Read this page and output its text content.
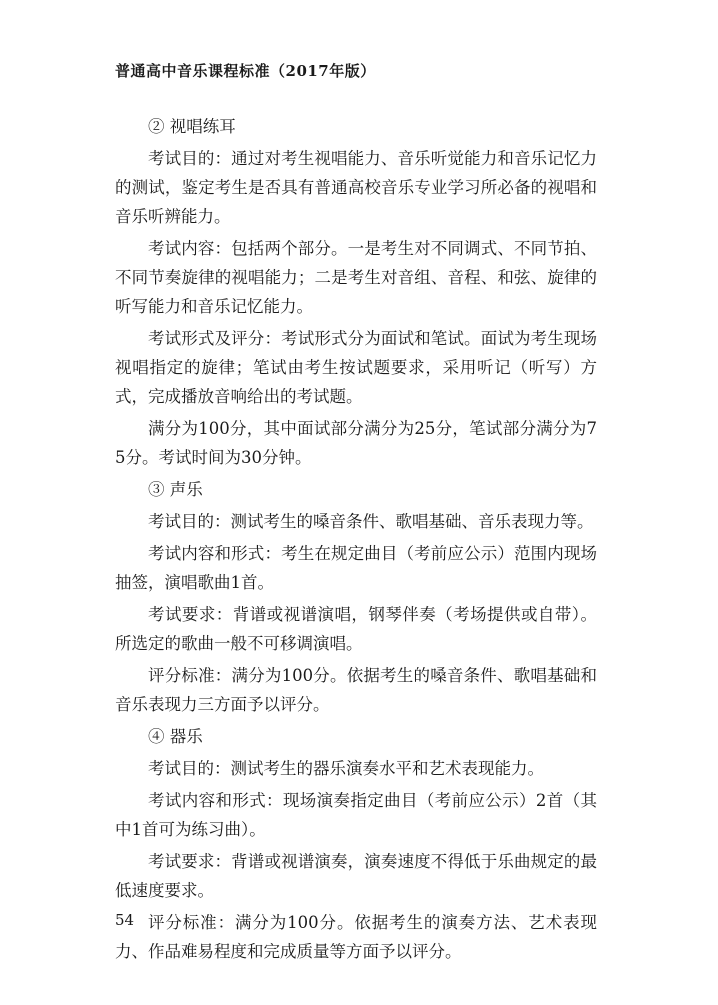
普通高中音乐课程标准（2017年版）

② 视唱练耳

考试目的：通过对考生视唱能力、音乐听觉能力和音乐记忆力的测试，鉴定考生是否具有普通高校音乐专业学习所必备的视唱和音乐听辨能力。

考试内容：包括两个部分。一是考生对不同调式、不同节拍、不同节奏旋律的视唱能力；二是考生对音组、音程、和弦、旋律的听写能力和音乐记忆能力。

考试形式及评分：考试形式分为面试和笔试。面试为考生现场视唱指定的旋律；笔试由考生按试题要求，采用听记（听写）方式，完成播放音响给出的考试题。

满分为100分，其中面试部分满分为25分，笔试部分满分为75分。考试时间为30分钟。

③ 声乐

考试目的：测试考生的嗓音条件、歌唱基础、音乐表现力等。

考试内容和形式：考生在规定曲目（考前应公示）范围内现场抽签，演唱歌曲1首。

考试要求：背谱或视谱演唱，钢琴伴奏（考场提供或自带）。所选定的歌曲一般不可移调演唱。

评分标准：满分为100分。依据考生的嗓音条件、歌唱基础和音乐表现力三方面予以评分。

④ 器乐

考试目的：测试考生的器乐演奏水平和艺术表现能力。

考试内容和形式：现场演奏指定曲目（考前应公示）2首（其中1首可为练习曲）。

考试要求：背谱或视谱演奏，演奏速度不得低于乐曲规定的最低速度要求。

评分标准：满分为100分。依据考生的演奏方法、艺术表现力、作品难易程度和完成质量等方面予以评分。

54
